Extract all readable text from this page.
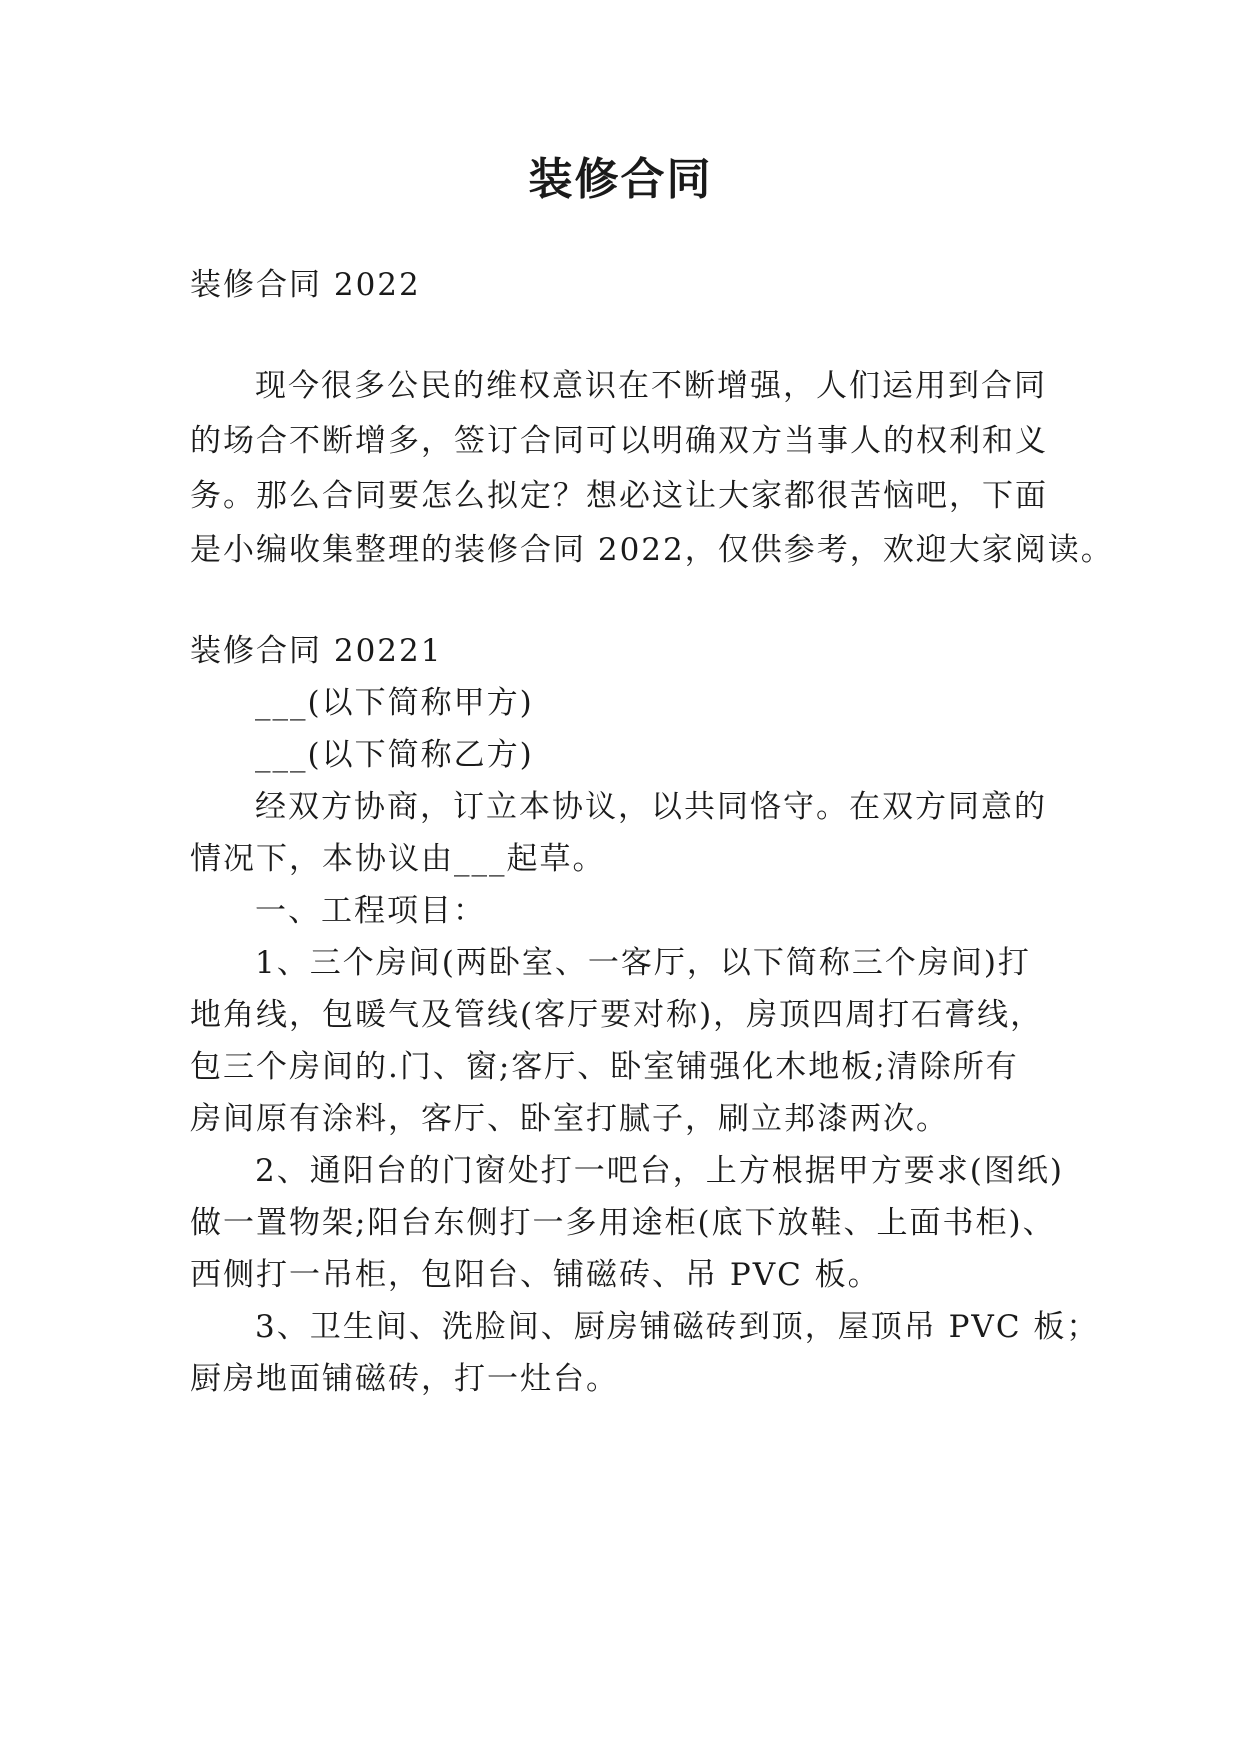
装修合同
装修合同 2022
现今很多公民的维权意识在不断增强，人们运用到合同
的场合不断增多，签订合同可以明确双方当事人的权利和义
务。那么合同要怎么拟定？想必这让大家都很苦恼吧，下面
是小编收集整理的装修合同 2022，仅供参考，欢迎大家阅读。
装修合同 20221
___(以下简称甲方)
___(以下简称乙方)
经双方协商，订立本协议，以共同恪守。在双方同意的
情况下，本协议由___起草。
一、工程项目：
1、三个房间(两卧室、一客厅，以下简称三个房间)打
地角线，包暖气及管线(客厅要对称)，房顶四周打石膏线，
包三个房间的.门、窗;客厅、卧室铺强化木地板;清除所有
房间原有涂料，客厅、卧室打腻子，刷立邦漆两次。
2、通阳台的门窗处打一吧台，上方根据甲方要求(图纸)
做一置物架;阳台东侧打一多用途柜(底下放鞋、上面书柜)、
西侧打一吊柜，包阳台、铺磁砖、吊 PVC 板。
3、卫生间、洗脸间、厨房铺磁砖到顶，屋顶吊 PVC 板；
厨房地面铺磁砖，打一灶台。
